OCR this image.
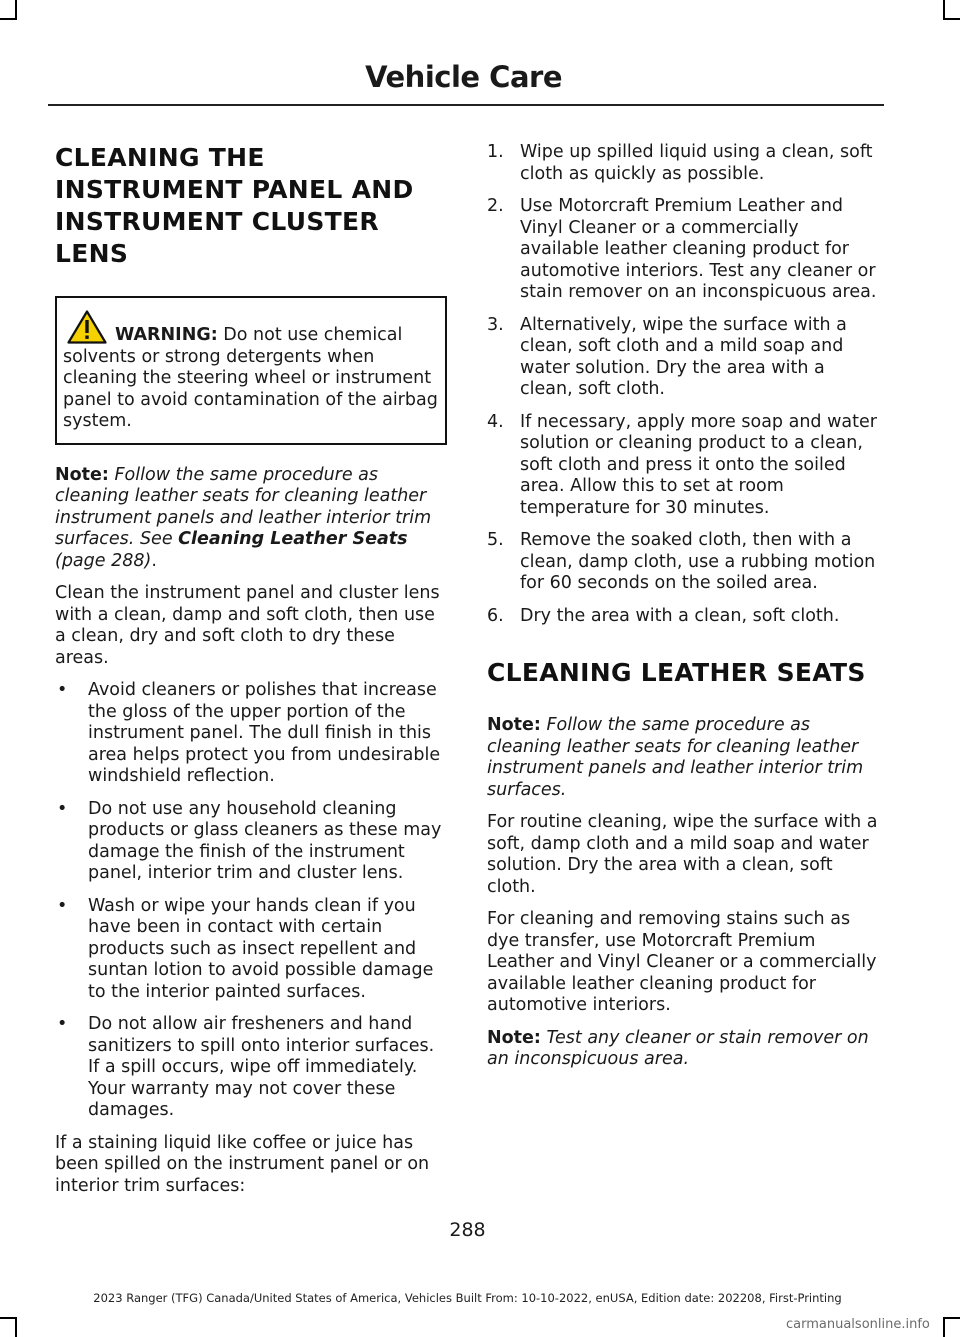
Vehicle Care
CLEANING THE INSTRUMENT PANEL AND INSTRUMENT CLUSTER LENS
WARNING: Do not use chemical solvents or strong detergents when cleaning the steering wheel or instrument panel to avoid contamination of the airbag system.

Note: Follow the same procedure as cleaning leather seats for cleaning leather instrument panels and leather interior trim surfaces. See Cleaning Leather Seats (page 288).

Clean the instrument panel and cluster lens with a clean, damp and soft cloth, then use a clean, dry and soft cloth to dry these areas.

• Avoid cleaners or polishes that increase the gloss of the upper portion of the instrument panel. The dull finish in this area helps protect you from undesirable windshield reflection.
• Do not use any household cleaning products or glass cleaners as these may damage the finish of the instrument panel, interior trim and cluster lens.
• Wash or wipe your hands clean if you have been in contact with certain products such as insect repellent and suntan lotion to avoid possible damage to the interior painted surfaces.
• Do not allow air fresheners and hand sanitizers to spill onto interior surfaces. If a spill occurs, wipe off immediately. Your warranty may not cover these damages.

If a staining liquid like coffee or juice has been spilled on the instrument panel or on interior trim surfaces:

1. Wipe up spilled liquid using a clean, soft cloth as quickly as possible.
2. Use Motorcraft Premium Leather and Vinyl Cleaner or a commercially available leather cleaning product for automotive interiors. Test any cleaner or stain remover on an inconspicuous area.
3. Alternatively, wipe the surface with a clean, soft cloth and a mild soap and water solution. Dry the area with a clean, soft cloth.
4. If necessary, apply more soap and water solution or cleaning product to a clean, soft cloth and press it onto the soiled area. Allow this to set at room temperature for 30 minutes.
5. Remove the soaked cloth, then with a clean, damp cloth, use a rubbing motion for 60 seconds on the soiled area.
6. Dry the area with a clean, soft cloth.
CLEANING LEATHER SEATS

Note: Follow the same procedure as cleaning leather seats for cleaning leather instrument panels and leather interior trim surfaces.

For routine cleaning, wipe the surface with a soft, damp cloth and a mild soap and water solution. Dry the area with a clean, soft cloth.

For cleaning and removing stains such as dye transfer, use Motorcraft Premium Leather and Vinyl Cleaner or a commercially available leather cleaning product for automotive interiors.

Note: Test any cleaner or stain remover on an inconspicuous area.

288
2023 Ranger (TFG) Canada/United States of America, Vehicles Built From: 10-10-2022, enUSA, Edition date: 202208, First-Printing
carmanualsonline.info
